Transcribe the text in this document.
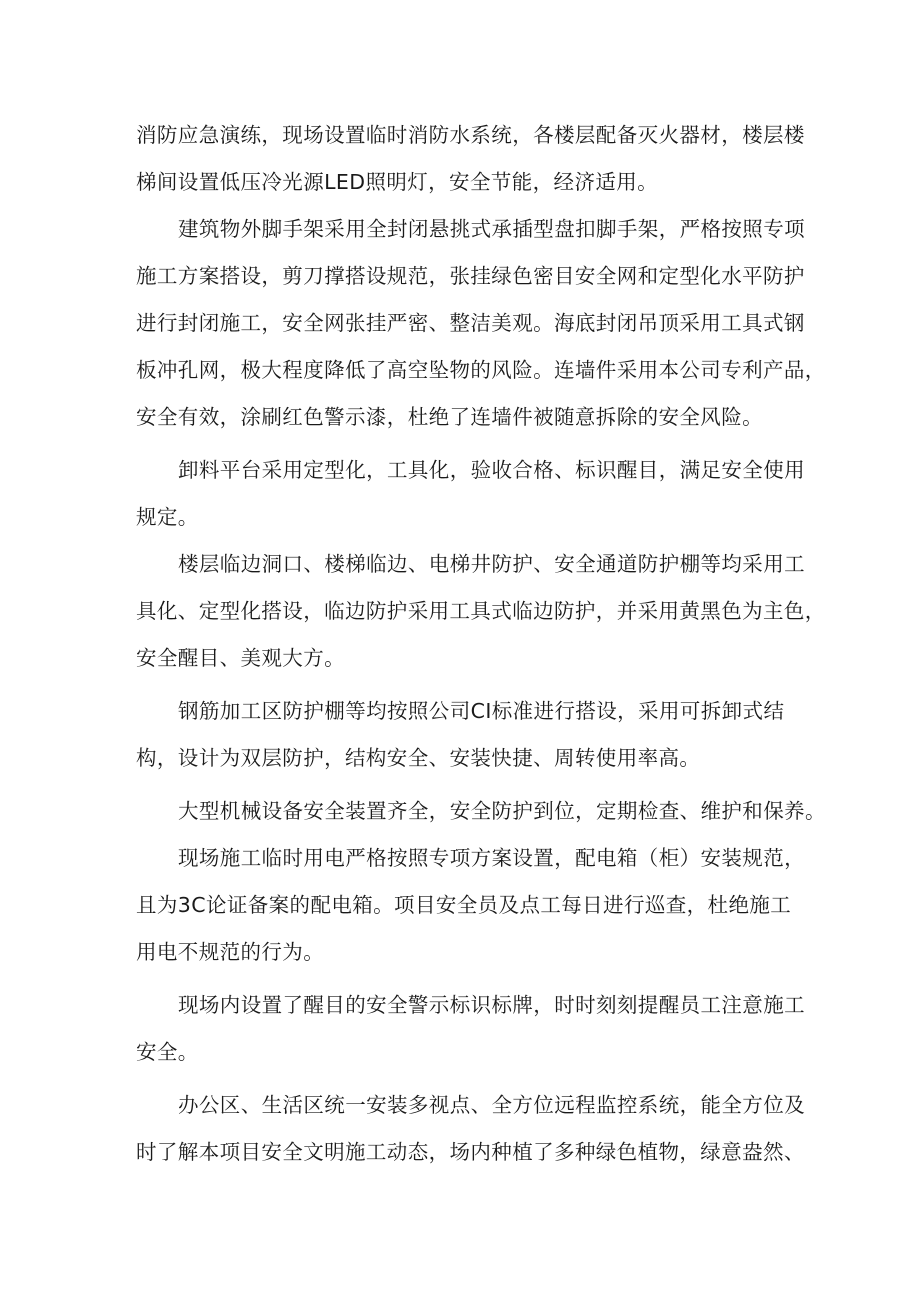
消防应急演练，现场设置临时消防水系统，各楼层配备灭火器材，楼层楼
梯间设置低压冷光源LED照明灯，安全节能，经济适用。
建筑物外脚手架采用全封闭悬挑式承插型盘扣脚手架，严格按照专项
施工方案搭设，剪刀撑搭设规范，张挂绿色密目安全网和定型化水平防护
进行封闭施工，安全网张挂严密、整洁美观。海底封闭吊顶采用工具式钢
板冲孔网，极大程度降低了高空坠物的风险。连墙件采用本公司专利产品，
安全有效，涂刷红色警示漆，杜绝了连墙件被随意拆除的安全风险。
卸料平台采用定型化，工具化，验收合格、标识醒目，满足安全使用
规定。
楼层临边洞口、楼梯临边、电梯井防护、安全通道防护棚等均采用工
具化、定型化搭设，临边防护采用工具式临边防护，并采用黄黑色为主色，
安全醒目、美观大方。
钢筋加工区防护棚等均按照公司CI标准进行搭设，采用可拆卸式结
构，设计为双层防护，结构安全、安装快捷、周转使用率高。
大型机械设备安全装置齐全，安全防护到位，定期检查、维护和保养。
现场施工临时用电严格按照专项方案设置，配电箱（柜）安装规范，
且为3C论证备案的配电箱。项目安全员及点工每日进行巡查，杜绝施工
用电不规范的行为。
现场内设置了醒目的安全警示标识标牌，时时刻刻提醒员工注意施工
安全。
办公区、生活区统一安装多视点、全方位远程监控系统，能全方位及
时了解本项目安全文明施工动态，场内种植了多种绿色植物，绿意盎然、
